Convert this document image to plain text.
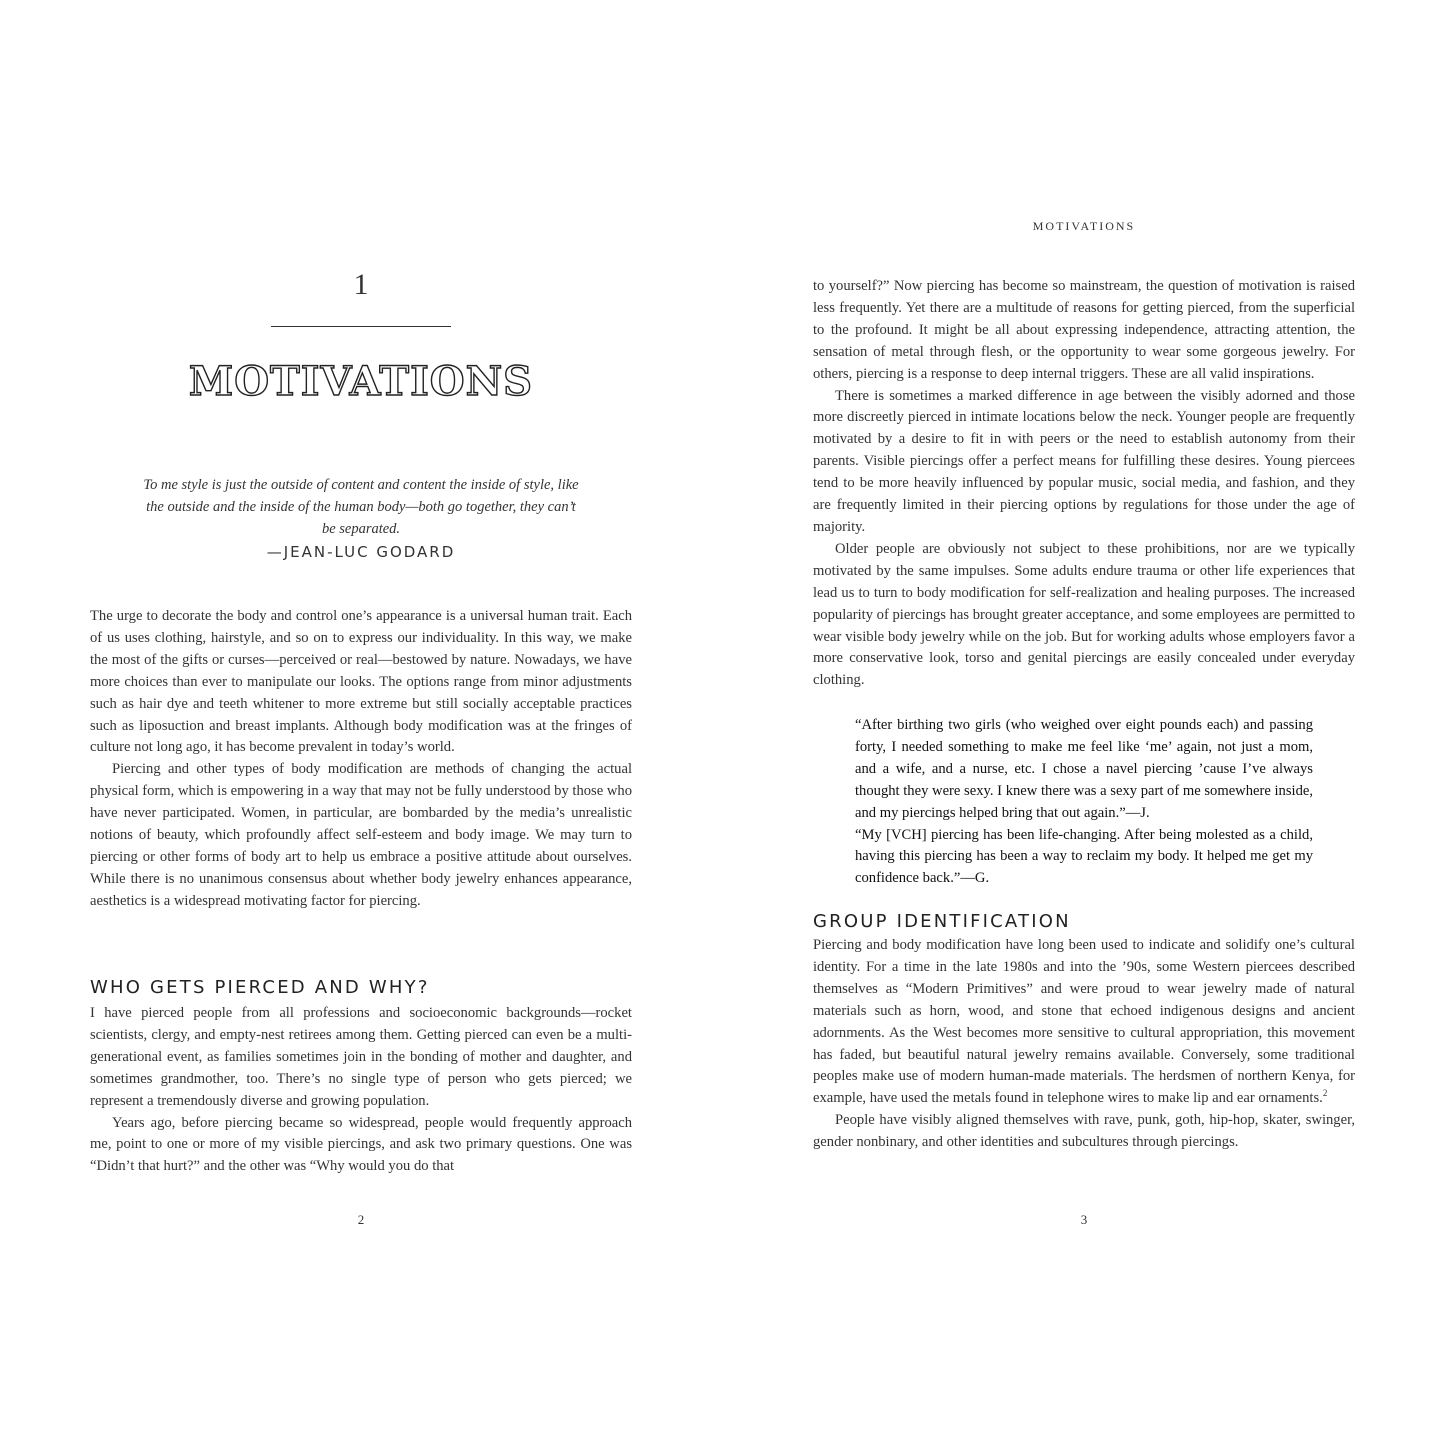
1
MOTIVATIONS
To me style is just the outside of content and content the inside of style, like the outside and the inside of the human body—both go together, they can’t be separated.
—JEAN-LUC GODARD

The urge to decorate the body and control one’s appearance is a universal human trait. Each of us uses clothing, hairstyle, and so on to express our individuality. In this way, we make the most of the gifts or curses—perceived or real—bestowed by nature. Nowadays, we have more choices than ever to manipulate our looks. The options range from minor adjustments such as hair dye and teeth whitener to more extreme but still socially acceptable practices such as liposuction and breast implants. Although body modification was at the fringes of culture not long ago, it has become prevalent in today’s world.

Piercing and other types of body modification are methods of changing the actual physical form, which is empowering in a way that may not be fully understood by those who have never participated. Women, in particular, are bombarded by the media’s unrealistic notions of beauty, which profoundly affect self-esteem and body image. We may turn to piercing or other forms of body art to help us embrace a positive attitude about ourselves. While there is no unanimous consensus about whether body jewelry enhances appearance, aesthetics is a widespread motivating factor for piercing.

WHO GETS PIERCED AND WHY?

I have pierced people from all professions and socioeconomic backgrounds—rocket scientists, clergy, and empty-nest retirees among them. Getting pierced can even be a multi-generational event, as families sometimes join in the bonding of mother and daughter, and sometimes grandmother, too. There’s no single type of person who gets pierced; we represent a tremendously diverse and growing population.

Years ago, before piercing became so widespread, people would frequently approach me, point to one or more of my visible piercings, and ask two primary questions. One was “Didn’t that hurt?” and the other was “Why would you do that

2
MOTIVATIONS

to yourself?” Now piercing has become so mainstream, the question of motivation is raised less frequently. Yet there are a multitude of reasons for getting pierced, from the superficial to the profound. It might be all about expressing independence, attracting attention, the sensation of metal through flesh, or the opportunity to wear some gorgeous jewelry. For others, piercing is a response to deep internal triggers. These are all valid inspirations.

There is sometimes a marked difference in age between the visibly adorned and those more discreetly pierced in intimate locations below the neck. Younger people are frequently motivated by a desire to fit in with peers or the need to establish autonomy from their parents. Visible piercings offer a perfect means for fulfilling these desires. Young piercees tend to be more heavily influenced by popular music, social media, and fashion, and they are frequently limited in their piercing options by regulations for those under the age of majority.

Older people are obviously not subject to these prohibitions, nor are we typically motivated by the same impulses. Some adults endure trauma or other life experiences that lead us to turn to body modification for self-realization and healing purposes. The increased popularity of piercings has brought greater acceptance, and some employees are permitted to wear visible body jewelry while on the job. But for working adults whose employers favor a more conservative look, torso and genital piercings are easily concealed under everyday clothing.

“After birthing two girls (who weighed over eight pounds each) and passing forty, I needed something to make me feel like ‘me’ again, not just a mom, and a wife, and a nurse, etc. I chose a navel piercing ’cause I’ve always thought they were sexy. I knew there was a sexy part of me somewhere inside, and my piercings helped bring that out again.”—J.

“My [VCH] piercing has been life-changing. After being molested as a child, having this piercing has been a way to reclaim my body. It helped me get my confidence back.”—G.

GROUP IDENTIFICATION

Piercing and body modification have long been used to indicate and solidify one’s cultural identity. For a time in the late 1980s and into the ’90s, some Western piercees described themselves as “Modern Primitives” and were proud to wear jewelry made of natural materials such as horn, wood, and stone that echoed indigenous designs and ancient adornments. As the West becomes more sensitive to cultural appropriation, this movement has faded, but beautiful natural jewelry remains available. Conversely, some traditional peoples make use of modern human-made materials. The herdsmen of northern Kenya, for example, have used the metals found in telephone wires to make lip and ear ornaments.$^2$

People have visibly aligned themselves with rave, punk, goth, hip-hop, skater, swinger, gender nonbinary, and other identities and subcultures through piercings.

3
